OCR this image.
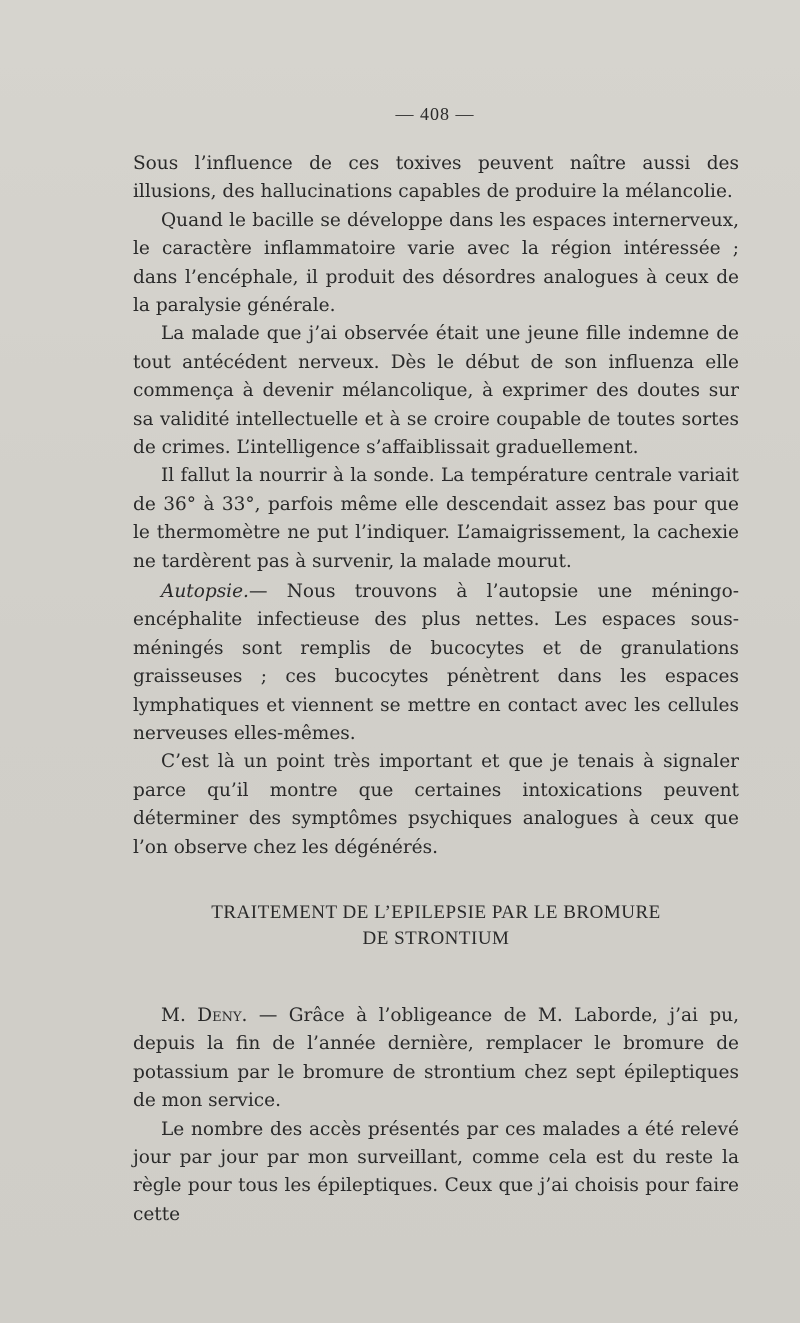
— 408 —

Sous l’influence de ces toxives peuvent naître aussi des illusions, des hallucinations capables de produire la mélancolie.

Quand le bacille se développe dans les espaces internerveux, le caractère inflammatoire varie avec la région intéressée ; dans l’encéphale, il produit des désordres analogues à ceux de la paralysie générale.

La malade que j’ai observée était une jeune fille indemne de tout antécédent nerveux. Dès le début de son influenza elle commença à devenir mélancolique, à exprimer des doutes sur sa validité intellectuelle et à se croire coupable de toutes sortes de crimes. L’intelligence s’affaiblissait graduellement.

Il fallut la nourrir à la sonde. La température centrale variait de 36° à 33°, parfois même elle descendait assez bas pour que le thermomètre ne put l’indiquer. L’amaigrissement, la cachexie ne tardèrent pas à survenir, la malade mourut.

Autopsie.— Nous trouvons à l’autopsie une méningo-encéphalite infectieuse des plus nettes. Les espaces sous-méningés sont remplis de bucocytes et de granulations graisseuses ; ces bucocytes pénètrent dans les espaces lymphatiques et viennent se mettre en contact avec les cellules nerveuses elles-mêmes.

C’est là un point très important et que je tenais à signaler parce qu’il montre que certaines intoxications peuvent déterminer des symptômes psychiques analogues à ceux que l’on observe chez les dégénérés.

TRAITEMENT DE L’EPILEPSIE PAR LE BROMURE
DE STRONTIUM

M. Deny. — Grâce à l’obligeance de M. Laborde, j’ai pu, depuis la fin de l’année dernière, remplacer le bromure de potassium par le bromure de strontium chez sept épileptiques de mon service.

Le nombre des accès présentés par ces malades a été relevé jour par jour par mon surveillant, comme cela est du reste la règle pour tous les épileptiques. Ceux que j’ai choisis pour faire cette
